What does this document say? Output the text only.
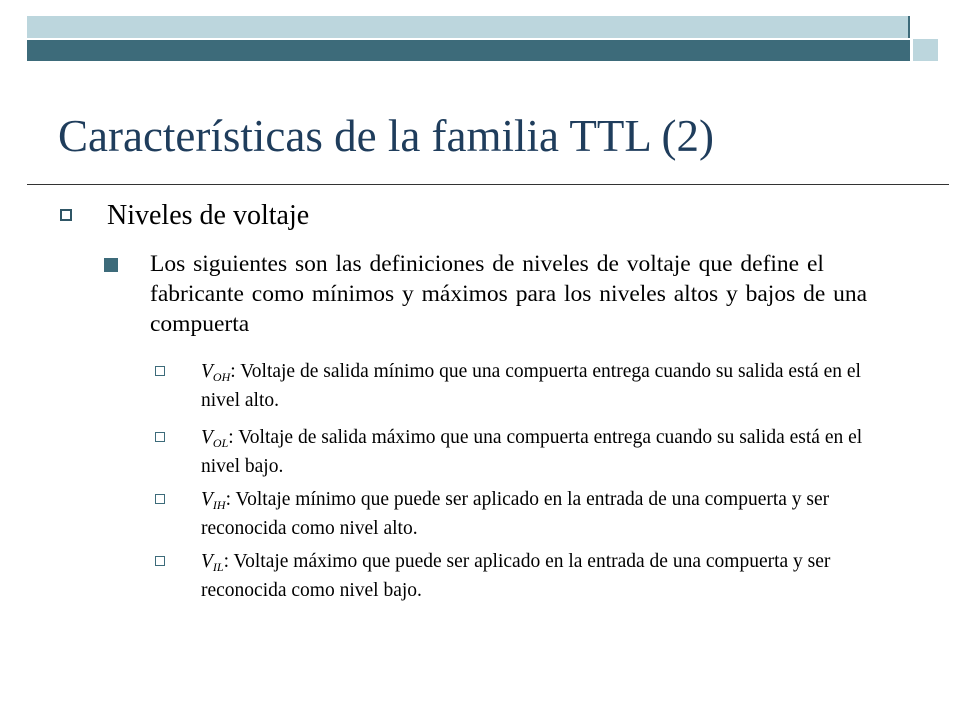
Características de la familia TTL (2)
Niveles de voltaje
Los siguientes son las definiciones de niveles de voltaje que define el fabricante como mínimos y máximos para los niveles altos y bajos de una compuerta
$V_{OH}$: Voltaje de salida mínimo que una compuerta entrega cuando su salida está en el nivel alto.
$V_{OL}$: Voltaje de salida máximo que una compuerta entrega cuando su salida está en el nivel bajo.
$V_{IH}$: Voltaje mínimo que puede ser aplicado en la entrada de una compuerta y ser reconocida como nivel alto.
$V_{IL}$: Voltaje máximo que puede ser aplicado en la entrada de una compuerta y ser reconocida como nivel bajo.
